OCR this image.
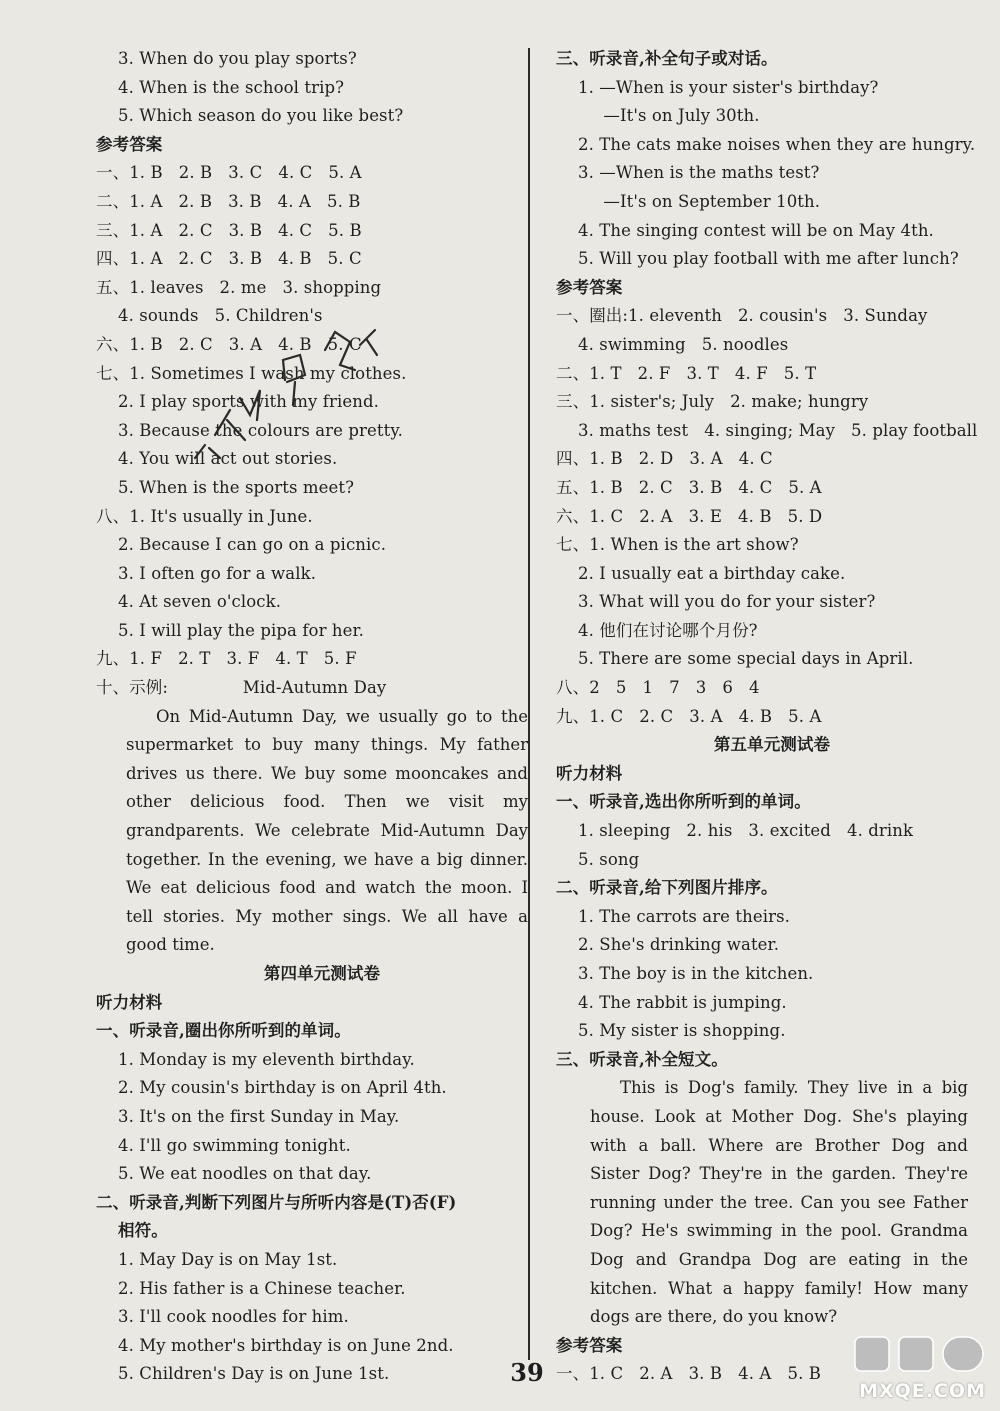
3. When do you play sports?
4. When is the school trip?
5. Which season do you like best?
参考答案
一、1. B   2. B   3. C   4. C   5. A
二、1. A   2. B   3. B   4. A   5. B
三、1. A   2. C   3. B   4. C   5. B
四、1. A   2. C   3. B   4. B   5. C
五、1. leaves   2. me   3. shopping
4. sounds   5. Children's
六、1. B   2. C   3. A   4. B   5. C
七、1. Sometimes I wash my clothes.
2. I play sports with my friend.
3. Because the colours are pretty.
4. You will act out stories.
5. When is the sports meet?
八、1. It's usually in June.
2. Because I can go on a picnic.
3. I often go for a walk.
4. At seven o'clock.
5. I will play the pipa for her.
九、1. F   2. T   3. F   4. T   5. F
十、示例:              Mid-Autumn Day
On Mid-Autumn Day, we usually go to the supermarket to buy many things. My father drives us there. We buy some mooncakes and other delicious food. Then we visit my grandparents. We celebrate Mid-Autumn Day together. In the evening, we have a big dinner. We eat delicious food and watch the moon. I tell stories. My mother sings. We all have a good time.
第四单元测试卷
听力材料
一、听录音,圈出你所听到的单词。
1. Monday is my eleventh birthday.
2. My cousin's birthday is on April 4th.
3. It's on the first Sunday in May.
4. I'll go swimming tonight.
5. We eat noodles on that day.
二、听录音,判断下列图片与所听内容是(T)否(F)
相符。
1. May Day is on May 1st.
2. His father is a Chinese teacher.
3. I'll cook noodles for him.
4. My mother's birthday is on June 2nd.
5. Children's Day is on June 1st.
三、听录音,补全句子或对话。
1. —When is your sister's birthday?
—It's on July 30th.
2. The cats make noises when they are hungry.
3. —When is the maths test?
—It's on September 10th.
4. The singing contest will be on May 4th.
5. Will you play football with me after lunch?
参考答案
一、圈出:1. eleventh   2. cousin's   3. Sunday
4. swimming   5. noodles
二、1. T   2. F   3. T   4. F   5. T
三、1. sister's; July   2. make; hungry
3. maths test   4. singing; May   5. play football
四、1. B   2. D   3. A   4. C
五、1. B   2. C   3. B   4. C   5. A
六、1. C   2. A   3. E   4. B   5. D
七、1. When is the art show?
2. I usually eat a birthday cake.
3. What will you do for your sister?
4. 他们在讨论哪个月份?
5. There are some special days in April.
八、2   5   1   7   3   6   4
九、1. C   2. C   3. A   4. B   5. A
第五单元测试卷
听力材料
一、听录音,选出你所听到的单词。
1. sleeping   2. his   3. excited   4. drink
5. song
二、听录音,给下列图片排序。
1. The carrots are theirs.
2. She's drinking water.
3. The boy is in the kitchen.
4. The rabbit is jumping.
5. My sister is shopping.
三、听录音,补全短文。
This is Dog's family. They live in a big house. Look at Mother Dog. She's playing with a ball. Where are Brother Dog and Sister Dog? They're in the garden. They're running under the tree. Can you see Father Dog? He's swimming in the pool. Grandma Dog and Grandpa Dog are eating in the kitchen. What a happy family! How many dogs are there, do you know?
参考答案
一、1. C   2. A   3. B   4. A   5. B
39
MXQE.COM
